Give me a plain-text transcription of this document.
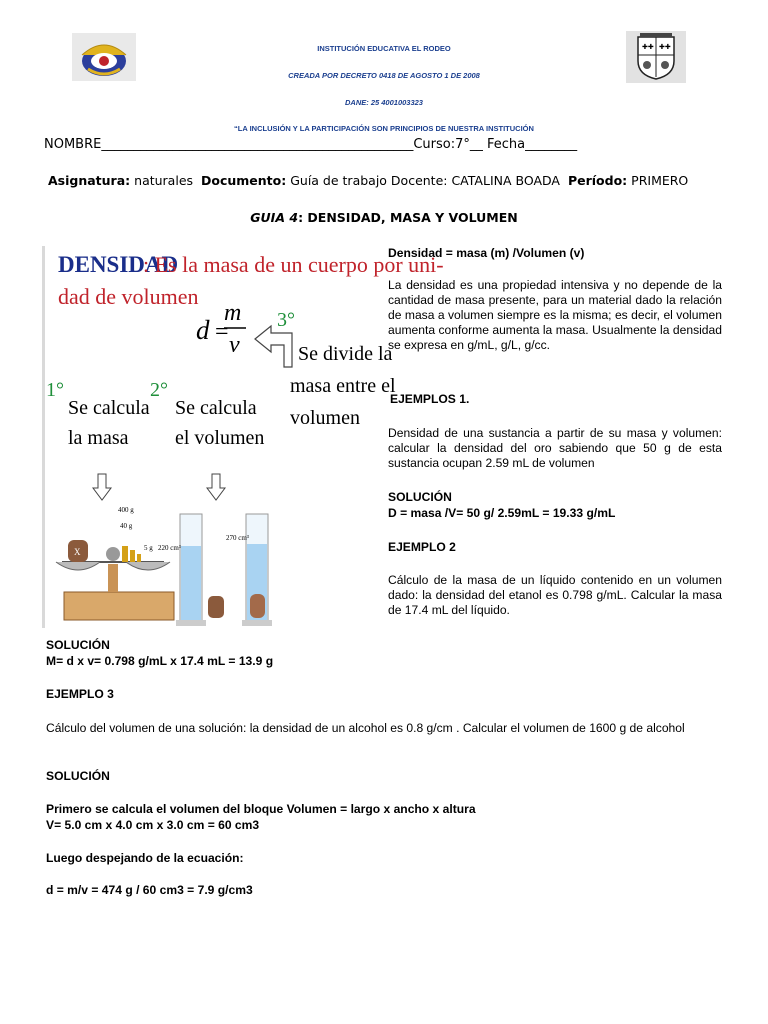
✚✚ ✚✚
INSTITUCIÓN EDUCATIVA EL RODEO
CREADA POR DECRETO 0418 DE AGOSTO 1 DE 2008
DANE: 25 4001003323
“LA INCLUSIÓN Y LA PARTICIPACIÓN SON PRINCIPIOS DE NUESTRA INSTITUCIÓN
NOMBRE________________________________________________Curso:7°__ Fecha________
Asignatura: naturales Documento: Guía de trabajo Docente: CATALINA BOADA Período: PRIMERO
GUIA 4: DENSIDAD, MASA Y VOLUMEN
DENSIDAD
: Es la masa de un cuerpo por uni-
dad de volumen
d =
m
v
3°
Se divide la
masa entre el
volumen
1°
Se calcula
la masa
2°
Se calcula
el volumen
X
400 g
40 g
5 g 220 cm³
270 cm³
Densidad = masa (m) /Volumen (v)
La densidad es una propiedad intensiva y no depende de la cantidad de masa presente, para un material dado la relación de masa a volumen siempre es la misma; es decir, el volumen aumenta conforme aumenta la masa. Usualmente la densidad se expresa en g/mL, g/L, g/cc.
EJEMPLOS 1.
Densidad de una sustancia a partir de su masa y volumen: calcular la densidad del oro sabiendo que 50 g de esta sustancia ocupan 2.59 mL de volumen
SOLUCIÓN
D = masa /V= 50 g/ 2.59mL = 19.33 g/mL
EJEMPLO 2
Cálculo de la masa de un líquido contenido en un volumen dado: la densidad del etanol es 0.798 g/mL. Calcular la masa de 17.4 mL del líquido.
SOLUCIÓN
M= d x v= 0.798 g/mL x 17.4 mL = 13.9 g
EJEMPLO 3
Cálculo del volumen de una solución: la densidad de un alcohol es 0.8 g/cm . Calcular el volumen de 1600 g de alcohol
SOLUCIÓN
Primero se calcula el volumen del bloque Volumen = largo x ancho x altura
V= 5.0 cm x 4.0 cm x 3.0 cm = 60 cm3
Luego despejando de la ecuación:
d = m/v = 474 g / 60 cm3 = 7.9 g/cm3
